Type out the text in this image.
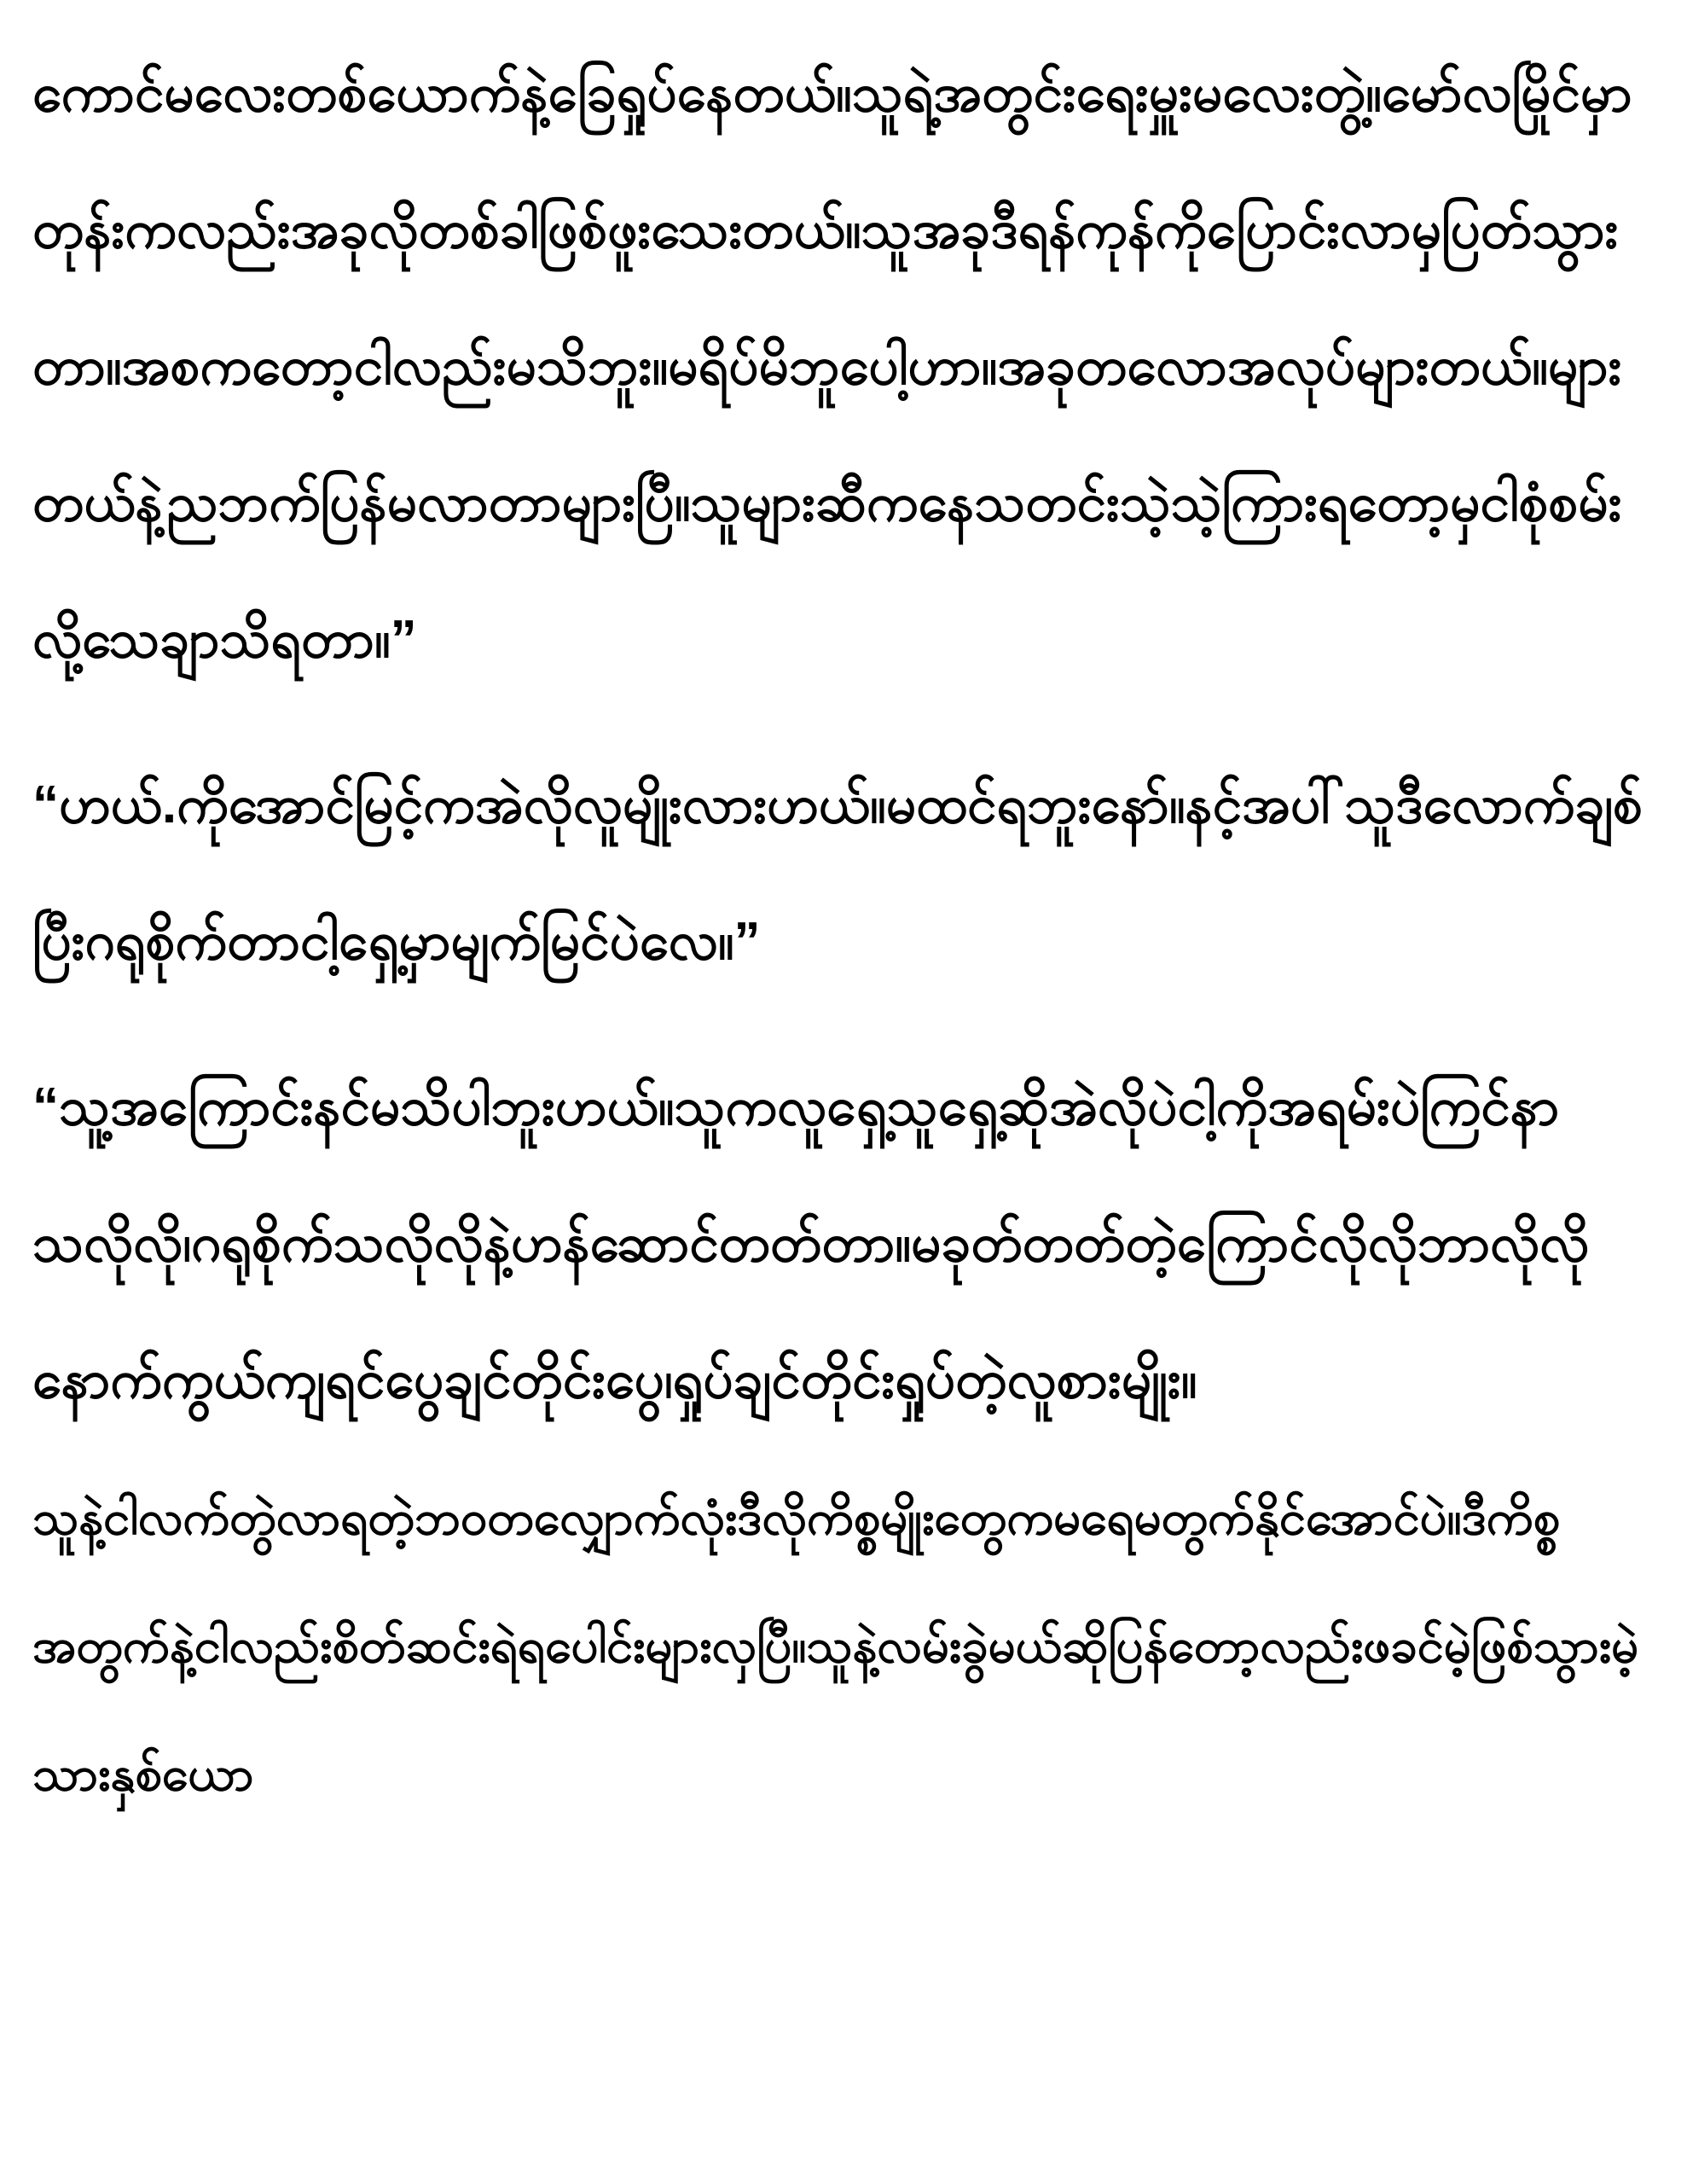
ကောင်မလေးတစ်ယောက်နဲ့ခြေရှုပ်နေတယ်။သူရဲ့အတွင်းရေးမှူးမလေးတွဲ့။မော်လမြိုင်မှာတုန်းကလည်းအခုလိုတစ်ခါဖြစ်ဖူးသေးတယ်။သူအခုဒီရန်ကုန်ကိုပြောင်းလာမှပြတ်သွားတာ။အစကတော့ငါလည်းမသိဘူး။မရိပ်မိဘူပေါ့ဟာ။အခုတလောအလုပ်များတယ်။များတယ်နဲ့ညဘက်ပြန်မလာတာများပြီ။သူများဆီကနေသတင်းသဲ့သဲ့ကြားရတော့မှငါစုံစမ်းလို့သေချာသိရတာ။”

“ဟယ်.ကိုအောင်မြင့်ကအဲလိုလူမျိုးလားဟယ်။မထင်ရဘူးနော်။နင့်အပါ်သူဒီလောက်ချစ်ပြီးဂရုစိုက်တာငါ့ရှေ့မှာမျက်မြင်ပဲလေ။”

“သူ့အကြောင်းနင်မသိပါဘူးဟယ်။သူကလူရှေ့သူရှေ့ဆိုအဲလိုပဲငါ့ကိုအရမ်းပဲကြင်နာသလိုလို၊ဂရုစိုက်သလိုလိုနဲ့ဟန်ဆောင်တတ်တာ။မခုတ်တတ်တဲ့ကြောင်လိုလိုဘာလိုလိုနောက်ကွယ်ကျရင်ပွေချင်တိုင်းပွေ၊ရှုပ်ချင်တိုင်းရှုပ်တဲ့လူစားမျိုး။

သူနဲ့ငါလက်တွဲလာရတဲ့ဘဝတလျှောက်လုံးဒီလိုကိစ္စမျိုးတွေကမရေမတွက်နိုင်အောင်ပဲ။ဒီကိစ္စအတွက်နဲ့ငါလည်းစိတ်ဆင်းရဲရပေါင်းများလှပြီ။သူနဲ့လမ်းခွဲမယ်ဆိုပြန်တော့လည်းဖခင်မဲ့ဖြစ်သွားမဲ့သားနှစ်ယော
